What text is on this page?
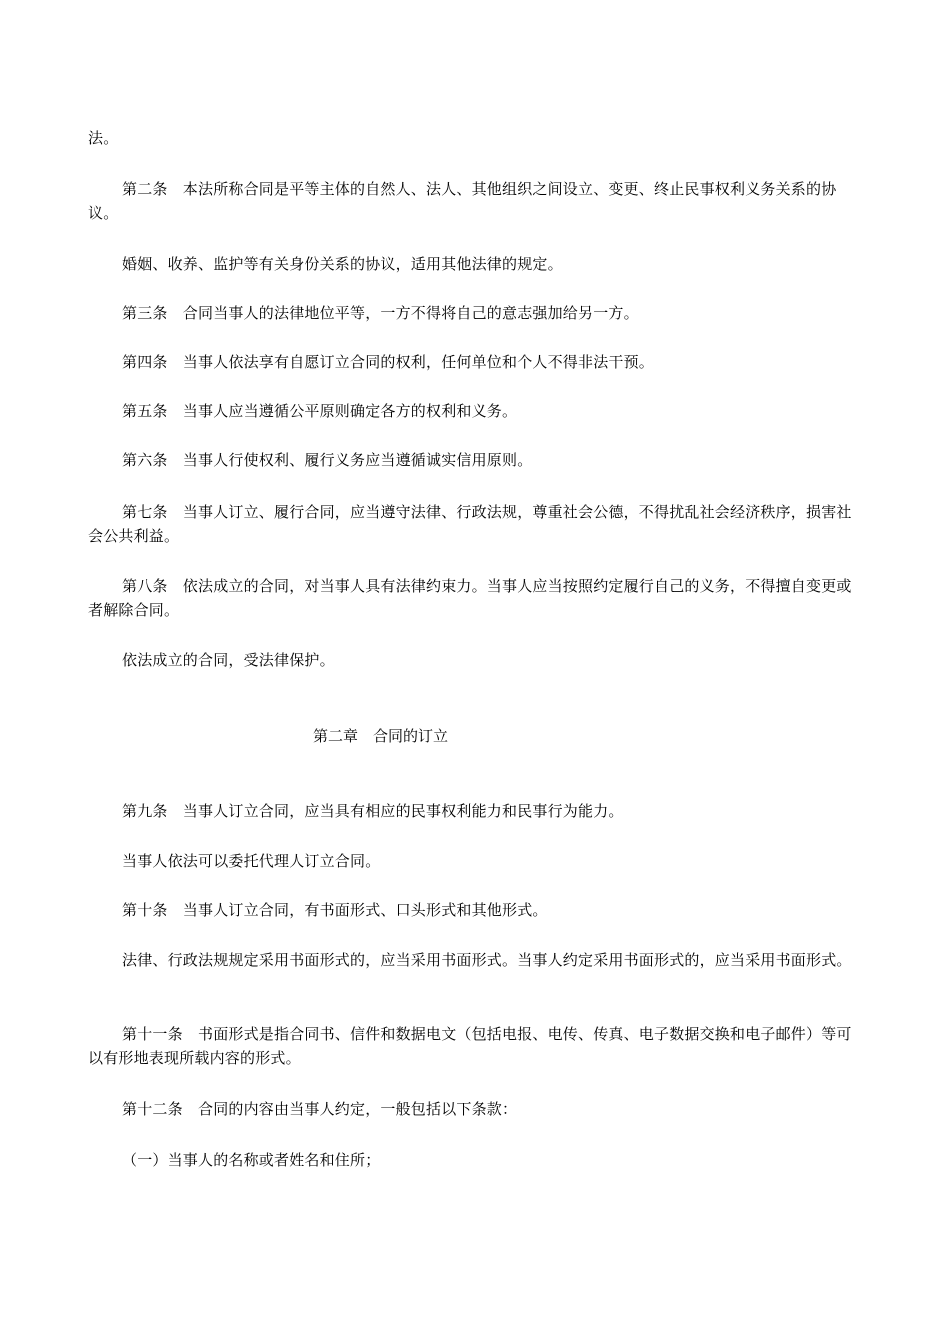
法。

第二条　本法所称合同是平等主体的自然人、法人、其他组织之间设立、变更、终止民事权利义务关系的协议。

婚姻、收养、监护等有关身份关系的协议，适用其他法律的规定。

第三条　合同当事人的法律地位平等，一方不得将自己的意志强加给另一方。

第四条　当事人依法享有自愿订立合同的权利，任何单位和个人不得非法干预。

第五条　当事人应当遵循公平原则确定各方的权利和义务。

第六条　当事人行使权利、履行义务应当遵循诚实信用原则。

第七条　当事人订立、履行合同，应当遵守法律、行政法规，尊重社会公德，不得扰乱社会经济秩序，损害社会公共利益。

第八条　依法成立的合同，对当事人具有法律约束力。当事人应当按照约定履行自己的义务，不得擅自变更或者解除合同。

依法成立的合同，受法律保护。

第二章　合同的订立

第九条　当事人订立合同，应当具有相应的民事权利能力和民事行为能力。

当事人依法可以委托代理人订立合同。

第十条　当事人订立合同，有书面形式、口头形式和其他形式。

法律、行政法规规定采用书面形式的，应当采用书面形式。当事人约定采用书面形式的，应当采用书面形式。

第十一条　书面形式是指合同书、信件和数据电文（包括电报、电传、传真、电子数据交换和电子邮件）等可以有形地表现所载内容的形式。

第十二条　合同的内容由当事人约定，一般包括以下条款：

（一）当事人的名称或者姓名和住所；
